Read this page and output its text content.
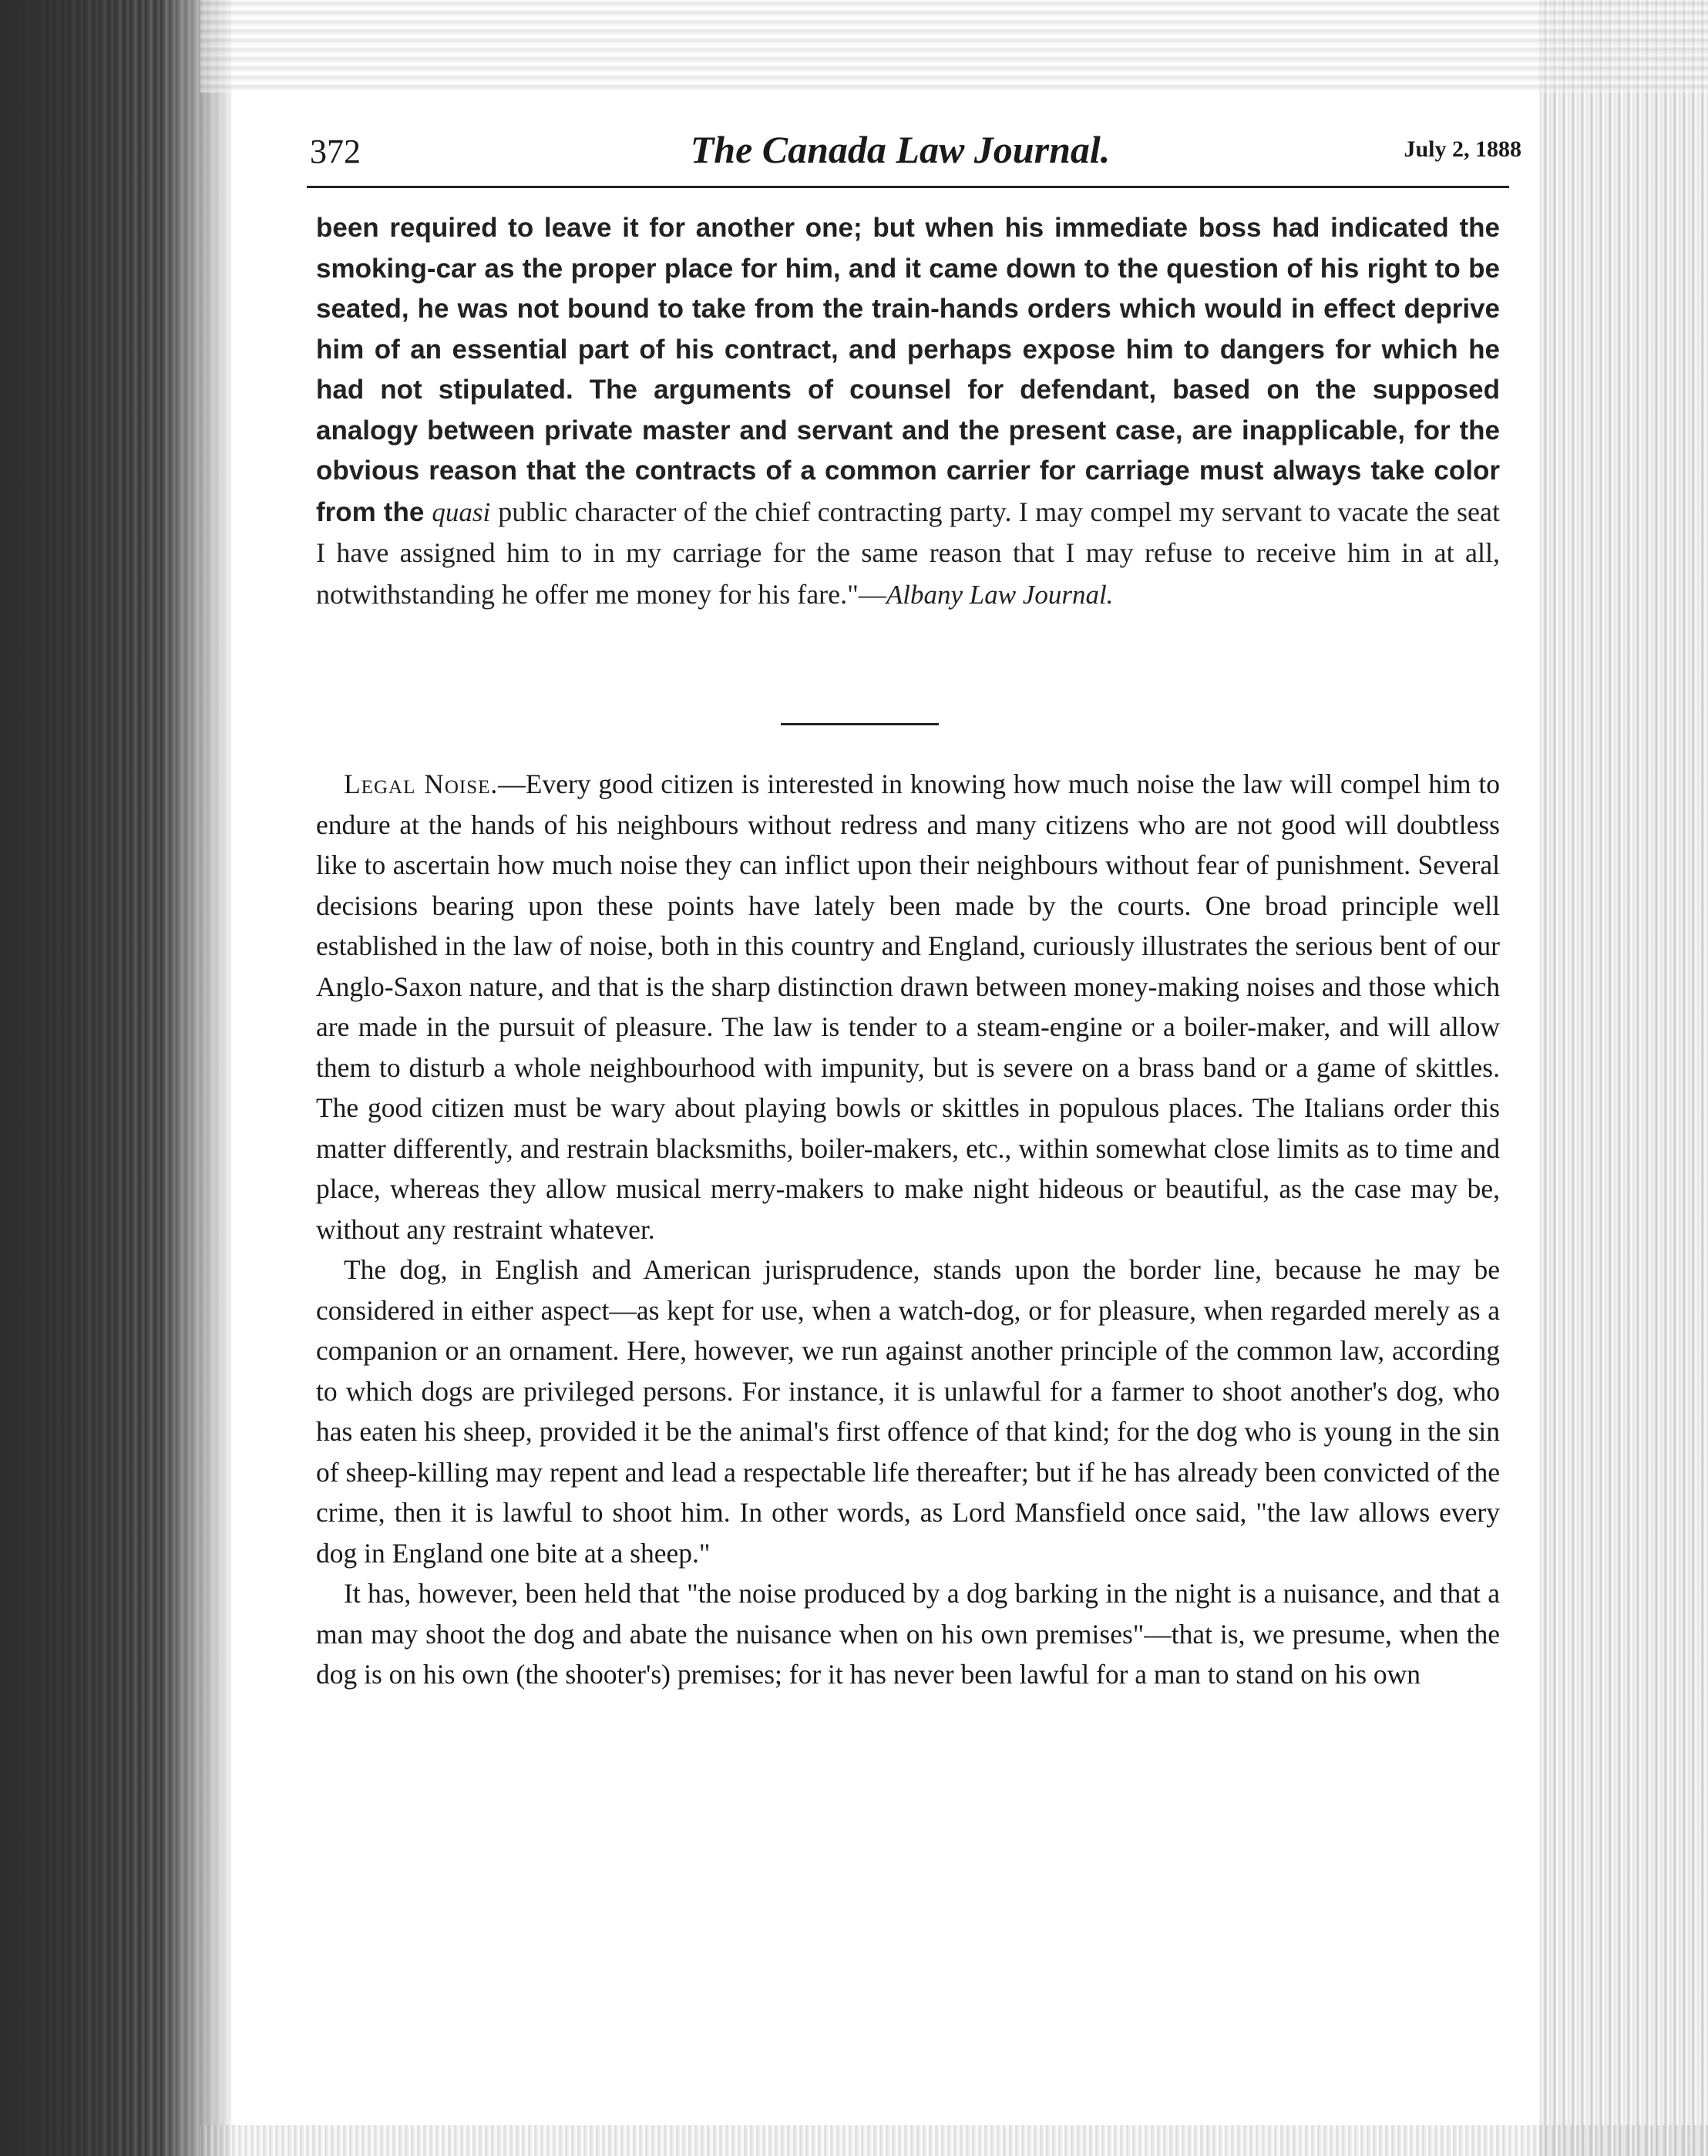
372	The Canada Law Journal.	July 2, 1888
been required to leave it for another one; but when his immediate boss had indicated the smoking-car as the proper place for him, and it came down to the question of his right to be seated, he was not bound to take from the train-hands orders which would in effect deprive him of an essential part of his contract, and perhaps expose him to dangers for which he had not stipulated. The arguments of counsel for defendant, based on the supposed analogy between private master and servant and the present case, are inapplicable, for the obvious reason that the contracts of a common carrier for carriage must always take color from the quasi public character of the chief contracting party. I may compel my servant to vacate the seat I have assigned him to in my carriage for the same reason that I may refuse to receive him in at all, notwithstanding he offer me money for his fare."—Albany Law Journal.

Legal Noise.—Every good citizen is interested in knowing how much noise the law will compel him to endure at the hands of his neighbours without redress and many citizens who are not good will doubtless like to ascertain how much noise they can inflict upon their neighbours without fear of punishment. Several decisions bearing upon these points have lately been made by the courts. One broad principle well established in the law of noise, both in this country and England, curiously illustrates the serious bent of our Anglo-Saxon nature, and that is the sharp distinction drawn between money-making noises and those which are made in the pursuit of pleasure. The law is tender to a steam-engine or a boiler-maker, and will allow them to disturb a whole neighbourhood with impunity, but is severe on a brass band or a game of skittles. The good citizen must be wary about playing bowls or skittles in populous places. The Italians order this matter differently, and restrain blacksmiths, boiler-makers, etc., within somewhat close limits as to time and place, whereas they allow musical merry-makers to make night hideous or beautiful, as the case may be, without any restraint whatever.

The dog, in English and American jurisprudence, stands upon the border line, because he may be considered in either aspect—as kept for use, when a watch-dog, or for pleasure, when regarded merely as a companion or an ornament. Here, however, we run against another principle of the common law, according to which dogs are privileged persons. For instance, it is unlawful for a farmer to shoot another's dog, who has eaten his sheep, provided it be the animal's first offence of that kind; for the dog who is young in the sin of sheep-killing may repent and lead a respectable life thereafter; but if he has already been convicted of the crime, then it is lawful to shoot him. In other words, as Lord Mansfield once said, "the law allows every dog in England one bite at a sheep."

It has, however, been held that "the noise produced by a dog barking in the night is a nuisance, and that a man may shoot the dog and abate the nuisance when on his own premises"—that is, we presume, when the dog is on his own (the shooter's) premises; for it has never been lawful for a man to stand on his own
